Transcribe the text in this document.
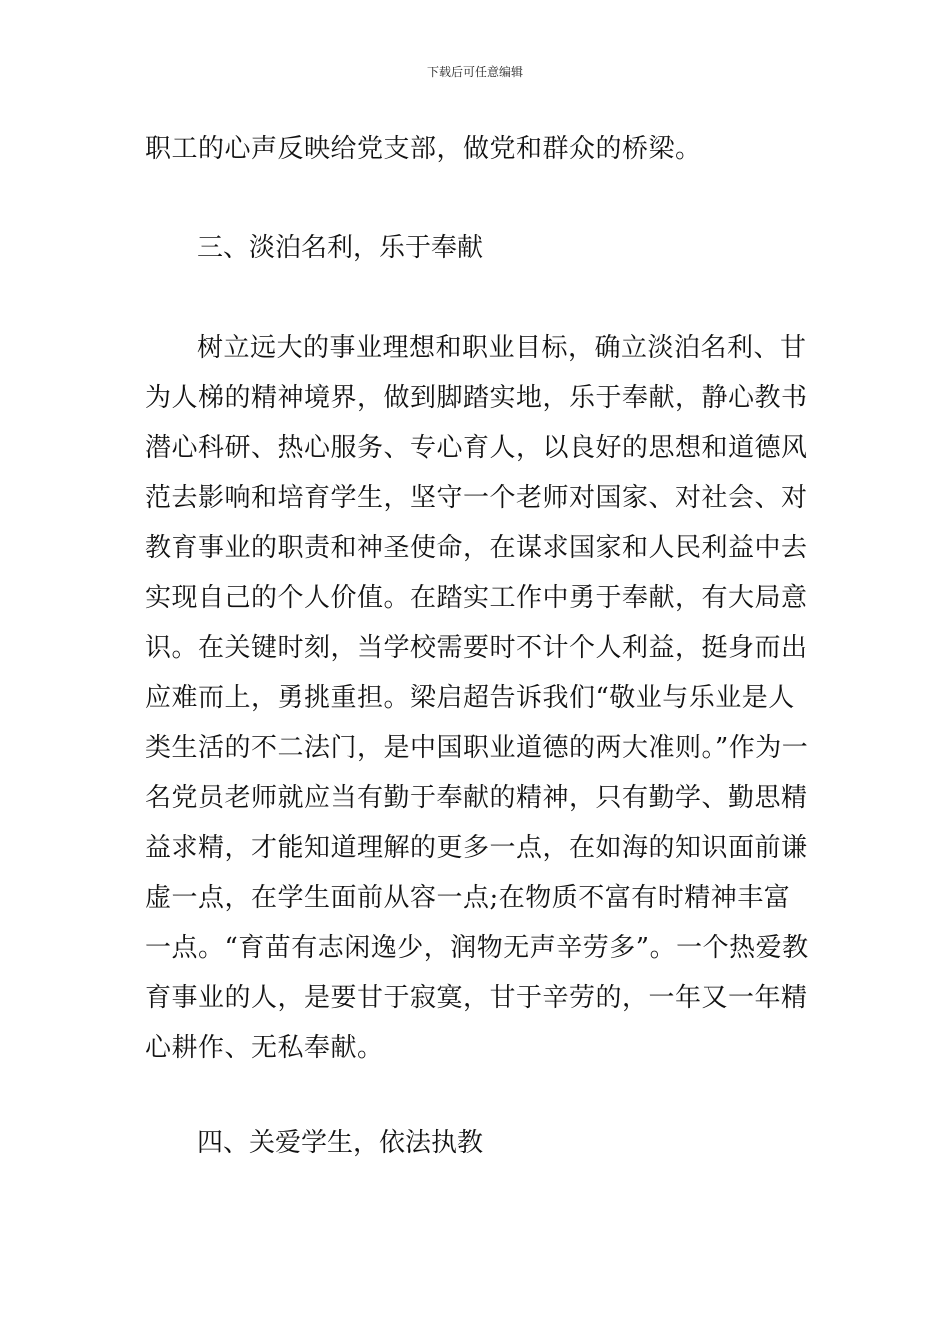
下载后可任意编辑

职工的心声反映给党支部，做党和群众的桥梁。

三、淡泊名利，乐于奉献

树立远大的事业理想和职业目标，确立淡泊名利、甘为人梯的精神境界，做到脚踏实地，乐于奉献，静心教书潜心科研、热心服务、专心育人，以良好的思想和道德风范去影响和培育学生，坚守一个老师对国家、对社会、对教育事业的职责和神圣使命，在谋求国家和人民利益中去实现自己的个人价值。在踏实工作中勇于奉献，有大局意识。在关键时刻，当学校需要时不计个人利益，挺身而出应难而上，勇挑重担。梁启超告诉我们“敬业与乐业是人类生活的不二法门，是中国职业道德的两大准则。”作为一名党员老师就应当有勤于奉献的精神，只有勤学、勤思精益求精，才能知道理解的更多一点，在如海的知识面前谦虚一点，在学生面前从容一点;在物质不富有时精神丰富一点。“育苗有志闲逸少，润物无声辛劳多”。一个热爱教育事业的人，是要甘于寂寞，甘于辛劳的，一年又一年精心耕作、无私奉献。

四、关爱学生，依法执教
